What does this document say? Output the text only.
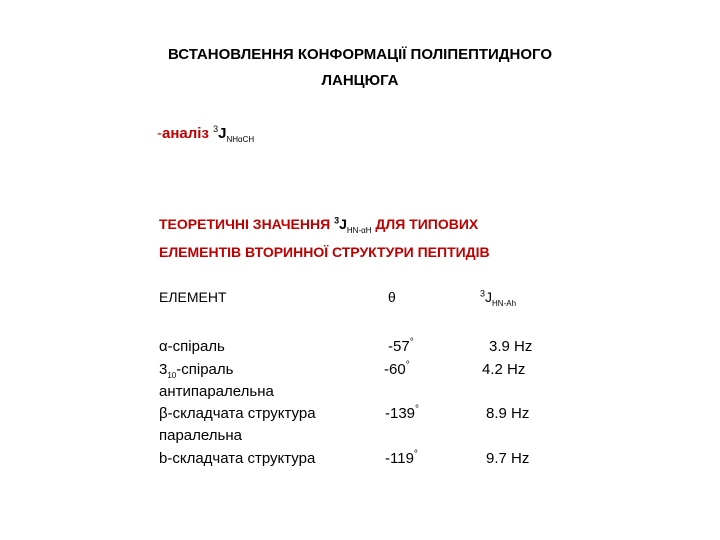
ВСТАНОВЛЕННЯ КОНФОРМАЦІЇ ПОЛІПЕПТИДНОГО
ЛАНЦЮГА
-аналіз $^3J_{NH\alpha CH}$
ТЕОРЕТИЧНІ ЗНАЧЕННЯ $^3J_{HN-\alpha H}$ ДЛЯ ТИПОВИХ
ЕЛЕМЕНТІВ ВТОРИННОЇ СТРУКТУРИ ПЕПТИДІВ
ЕЛЕМЕНТ	θ	$^3J_{HN-Ah}$
α-спіраль	-57°	3.9 Hz
$3_{10}$-спіраль	-60°	4.2 Hz
антипаралельна
β-складчата структура	-139°	8.9 Hz
паралельна
b-складчата структура	-119°	9.7 Hz
